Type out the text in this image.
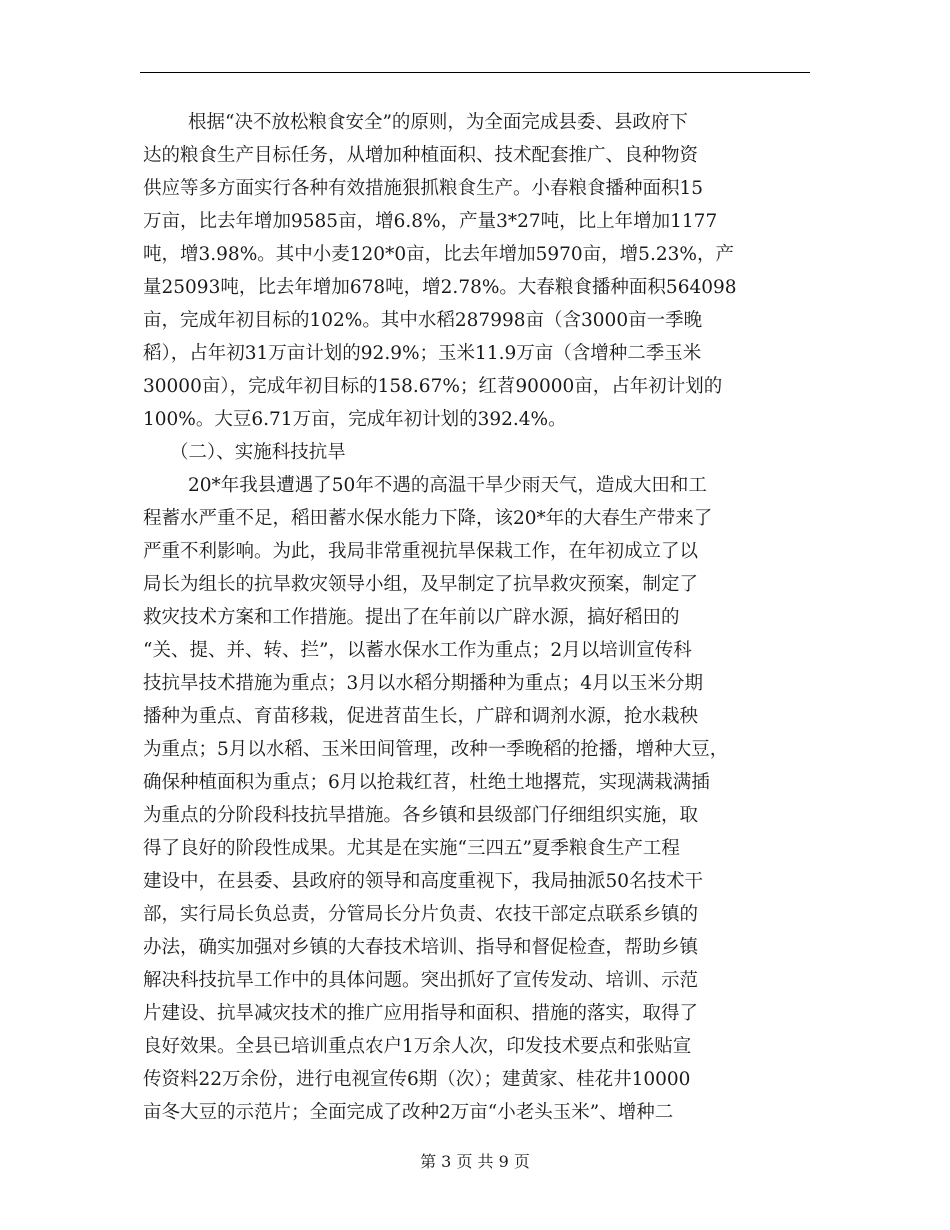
根据“决不放松粮食安全”的原则，为全面完成县委、县政府下
达的粮食生产目标任务，从增加种植面积、技术配套推广、良种物资
供应等多方面实行各种有效措施狠抓粮食生产。小春粮食播种面积15
万亩，比去年增加9585亩，增6.8%，产量3*27吨，比上年增加1177
吨，增3.98%。其中小麦120*0亩，比去年增加5970亩，增5.23%，产
量25093吨，比去年增加678吨，增2.78%。大春粮食播种面积564098
亩，完成年初目标的102%。其中水稻287998亩（含3000亩一季晚
稻），占年初31万亩计划的92.9%；玉米11.9万亩（含增种二季玉米
30000亩），完成年初目标的158.67%；红苕90000亩，占年初计划的
100%。大豆6.71万亩，完成年初计划的392.4%。
（二）、实施科技抗旱
20*年我县遭遇了50年不遇的高温干旱少雨天气，造成大田和工
程蓄水严重不足，稻田蓄水保水能力下降，该20*年的大春生产带来了
严重不利影响。为此，我局非常重视抗旱保栽工作，在年初成立了以
局长为组长的抗旱救灾领导小组，及早制定了抗旱救灾预案，制定了
救灾技术方案和工作措施。提出了在年前以广辟水源，搞好稻田的
“关、提、并、转、拦”，以蓄水保水工作为重点；2月以培训宣传科
技抗旱技术措施为重点；3月以水稻分期播种为重点；4月以玉米分期
播种为重点、育苗移栽，促进苕苗生长，广辟和调剂水源，抢水栽秧
为重点；5月以水稻、玉米田间管理，改种一季晚稻的抢播，增种大豆，
确保种植面积为重点；6月以抢栽红苕，杜绝土地撂荒，实现满栽满插
为重点的分阶段科技抗旱措施。各乡镇和县级部门仔细组织实施，取
得了良好的阶段性成果。尤其是在实施“三四五”夏季粮食生产工程
建设中，在县委、县政府的领导和高度重视下，我局抽派50名技术干
部，实行局长负总责，分管局长分片负责、农技干部定点联系乡镇的
办法，确实加强对乡镇的大春技术培训、指导和督促检查，帮助乡镇
解决科技抗旱工作中的具体问题。突出抓好了宣传发动、培训、示范
片建设、抗旱减灾技术的推广应用指导和面积、措施的落实，取得了
良好效果。全县已培训重点农户1万余人次，印发技术要点和张贴宣
传资料22万余份，进行电视宣传6期（次）；建黄家、桂花井10000
亩冬大豆的示范片；全面完成了改种2万亩“小老头玉米”、增种二
第 3 页 共 9 页
